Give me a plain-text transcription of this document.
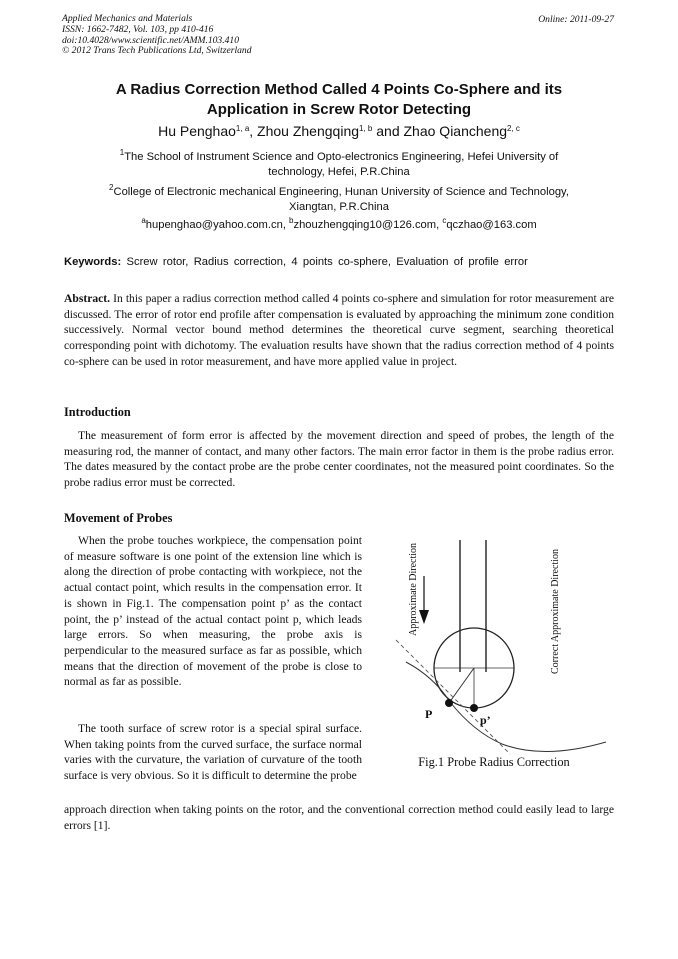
Applied Mechanics and Materials
ISSN: 1662-7482, Vol. 103, pp 410-416
doi:10.4028/www.scientific.net/AMM.103.410
© 2012 Trans Tech Publications Ltd, Switzerland
Online: 2011-09-27
A Radius Correction Method Called 4 Points Co-Sphere and its
Application in Screw Rotor Detecting
Hu Penghao$^{1, a}$, Zhou Zhengqing$^{1, b}$ and Zhao Qiancheng$^{2, c}$
$^1$The School of Instrument Science and Opto-electronics Engineering, Hefei University of
technology, Hefei, P.R.China
$^2$College of Electronic mechanical Engineering, Hunan University of Science and Technology,
Xiangtan, P.R.China
$^a$hupenghao@yahoo.com.cn, $^b$zhouzhengqing10@126.com, $^c$qczhao@163.com
Keywords: Screw rotor, Radius correction, 4 points co-sphere, Evaluation of profile error
Abstract. In this paper a radius correction method called 4 points co-sphere and simulation for rotor measurement are discussed. The error of rotor end profile after compensation is evaluated by approaching the minimum zone condition successively. Normal vector bound method determines the theoretical curve segment, searching theoretical corresponding point with dichotomy. The evaluation results have shown that the radius correction method of 4 points co-sphere can be used in rotor measurement, and have more applied value in project.
Introduction
The measurement of form error is affected by the movement direction and speed of probes, the length of the measuring rod, the manner of contact, and many other factors. The main error factor in them is the probe radius error. The dates measured by the contact probe are the probe center coordinates, not the measured point coordinates. So the probe radius error must be corrected.
Movement of Probes
When the probe touches workpiece, the compensation point of measure software is one point of the extension line which is along the direction of probe contacting with workpiece, not the actual contact point, which results in the compensation error. It is shown in Fig.1. The compensation point p’ as the contact point, the p’ instead of the actual contact point p, which leads large errors. So when measuring, the probe axis is perpendicular to the measured surface as far as possible, which means that the direction of movement of the probe is close to normal as far as possible.
The tooth surface of screw rotor is a special spiral surface. When taking points from the curved surface, the surface normal varies with the curvature, the variation of curvature of the tooth surface is very obvious. So it is difficult to determine the probe
approach direction when taking points on the rotor, and the conventional correction method could easily lead to large errors [1].
Approximate Direction	Correct Approximate Direction
P	p’
Fig.1 Probe Radius Correction
